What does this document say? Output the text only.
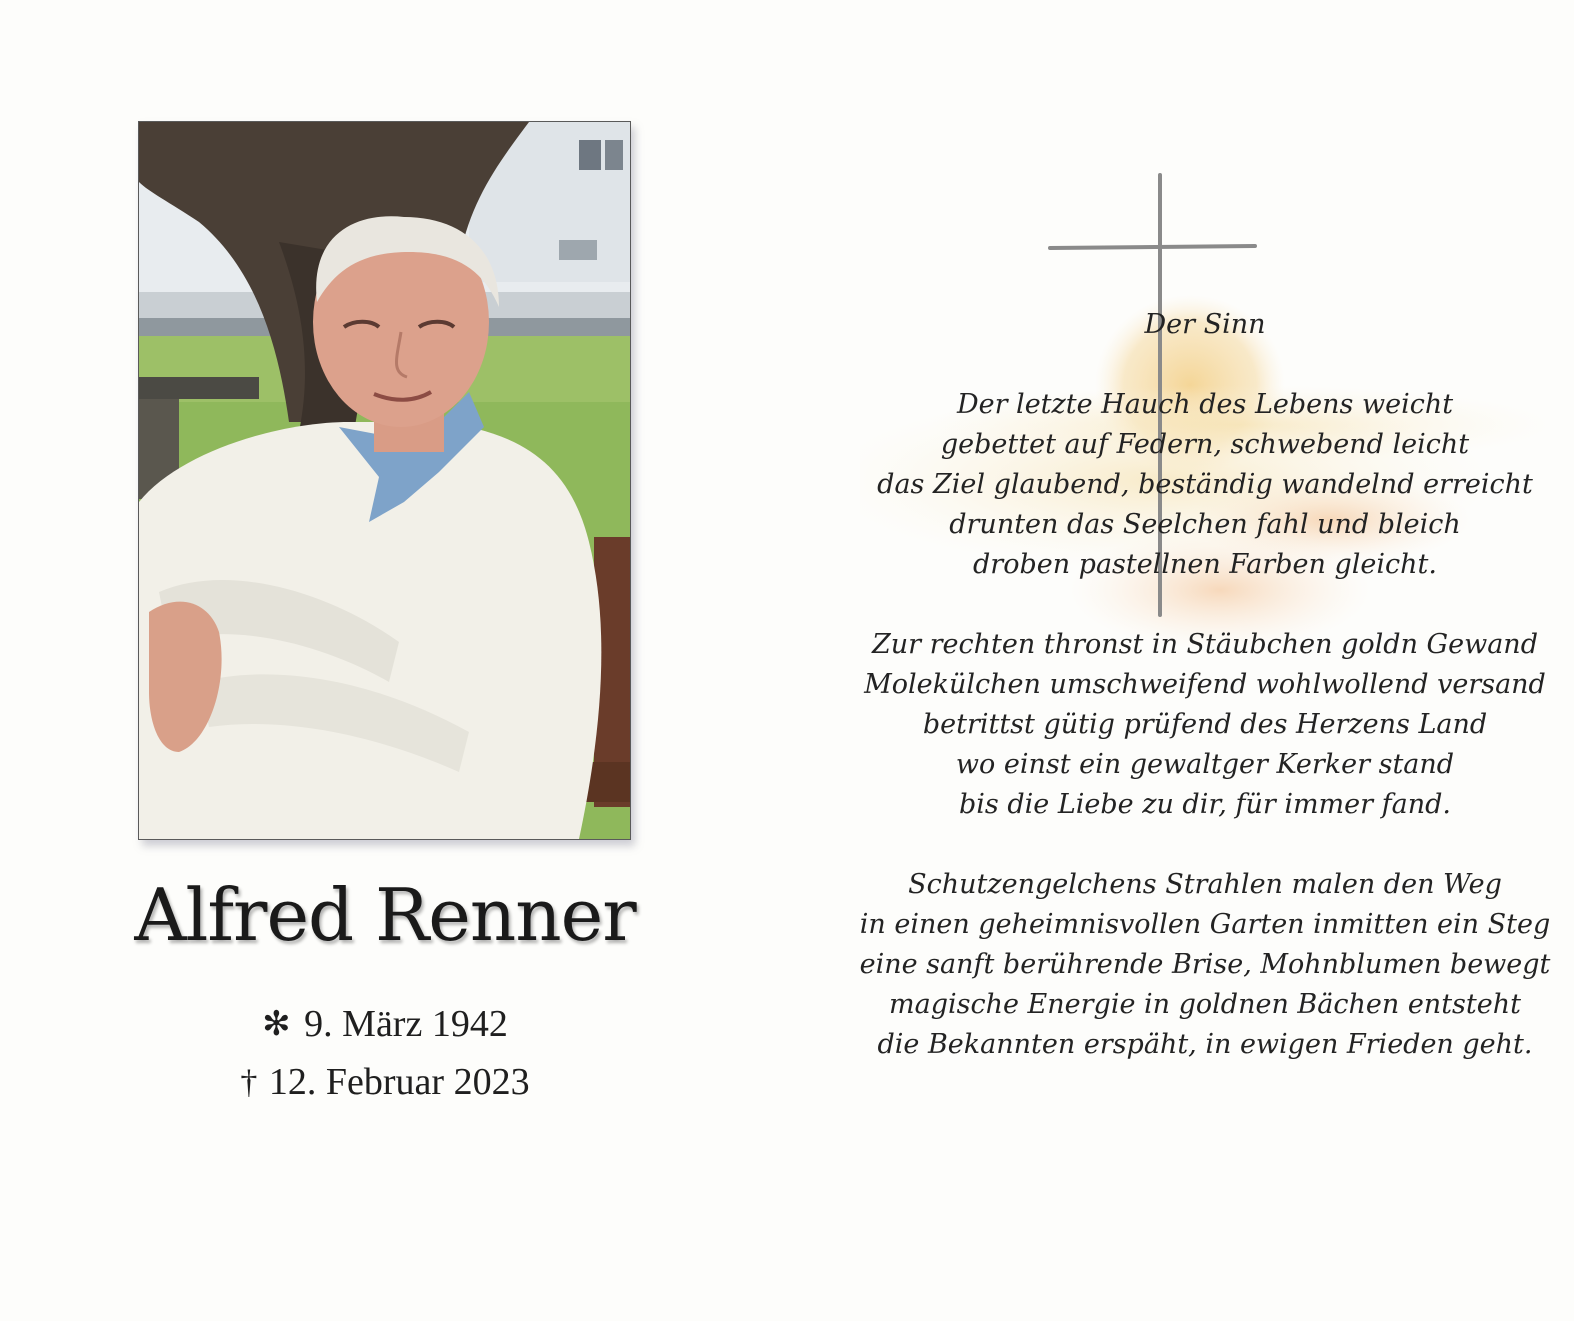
Alfred Renner
✻ 9. März 1942
† 12. Februar 2023
Der Sinn
Der letzte Hauch des Lebens weicht
gebettet auf Federn, schwebend leicht
das Ziel glaubend, beständig wandelnd erreicht
drunten das Seelchen fahl und bleich
droben pastellnen Farben gleicht.
Zur rechten thronst in Stäubchen goldn Gewand
Molekülchen umschweifend wohlwollend versand
betrittst gütig prüfend des Herzens Land
wo einst ein gewaltger Kerker stand
bis die Liebe zu dir, für immer fand.
Schutzengelchens Strahlen malen den Weg
in einen geheimnisvollen Garten inmitten ein Steg
eine sanft berührende Brise, Mohnblumen bewegt
magische Energie in goldnen Bächen entsteht
die Bekannten erspäht, in ewigen Frieden geht.
